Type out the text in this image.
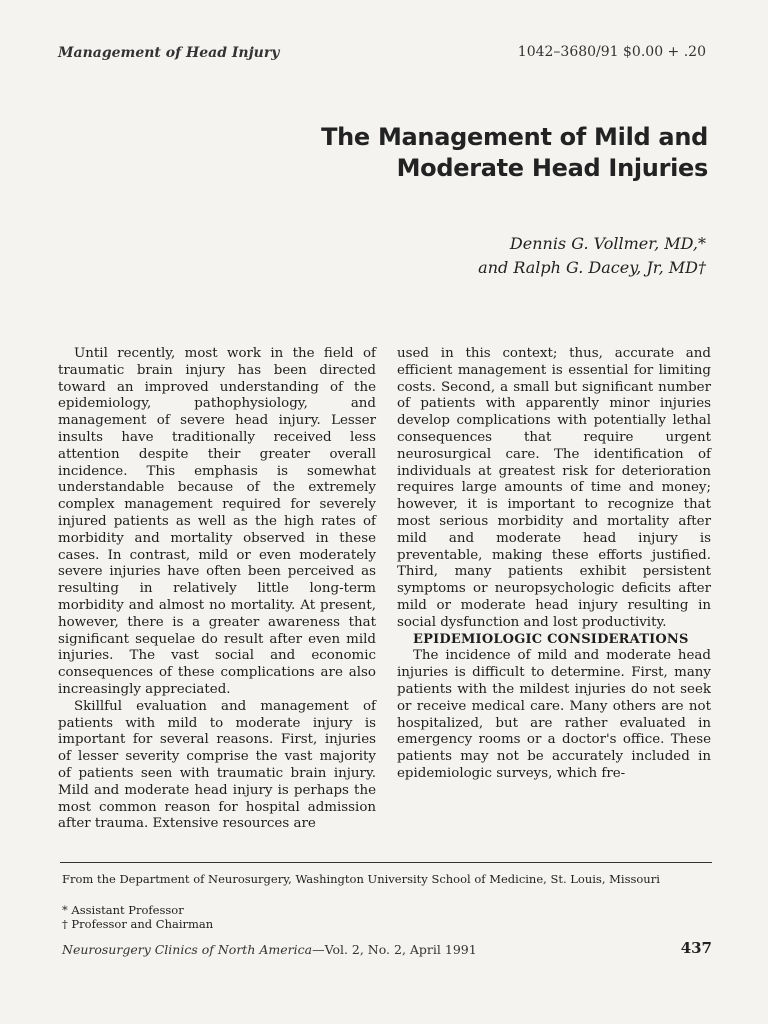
Management of Head Injury	1042–3680/91 $0.00 + .20
The Management of Mild and
Moderate Head Injuries
Dennis G. Vollmer, MD,*
and Ralph G. Dacey, Jr, MD†

Until recently, most work in the field of traumatic brain injury has been directed toward an improved understanding of the epidemiology, pathophysiology, and management of severe head injury. Lesser insults have traditionally received less attention despite their greater overall incidence. This emphasis is somewhat understandable because of the extremely complex management required for severely injured patients as well as the high rates of morbidity and mortality observed in these cases. In contrast, mild or even moderately severe injuries have often been perceived as resulting in relatively little long-term morbidity and almost no mortality. At present, however, there is a greater awareness that significant sequelae do result after even mild injuries. The vast social and economic consequences of these complications are also increasingly appreciated.

Skillful evaluation and management of patients with mild to moderate injury is important for several reasons. First, injuries of lesser severity comprise the vast majority of patients seen with traumatic brain injury. Mild and moderate head injury is perhaps the most common reason for hospital admission after trauma. Extensive resources are

used in this context; thus, accurate and efficient management is essential for limiting costs. Second, a small but significant number of patients with apparently minor injuries develop complications with potentially lethal consequences that require urgent neurosurgical care. The identification of individuals at greatest risk for deterioration requires large amounts of time and money; however, it is important to recognize that most serious morbidity and mortality after mild and moderate head injury is preventable, making these efforts justified. Third, many patients exhibit persistent symptoms or neuropsychologic deficits after mild or moderate head injury resulting in social dysfunction and lost productivity.

EPIDEMIOLOGIC CONSIDERATIONS

The incidence of mild and moderate head injuries is difficult to determine. First, many patients with the mildest injuries do not seek or receive medical care. Many others are not hospitalized, but are rather evaluated in emergency rooms or a doctor's office. These patients may not be accurately included in epidemiologic surveys, which fre-

From the Department of Neurosurgery, Washington University School of Medicine, St. Louis, Missouri
* Assistant Professor
† Professor and Chairman
Neurosurgery Clinics of North America—Vol. 2, No. 2, April 1991	437
